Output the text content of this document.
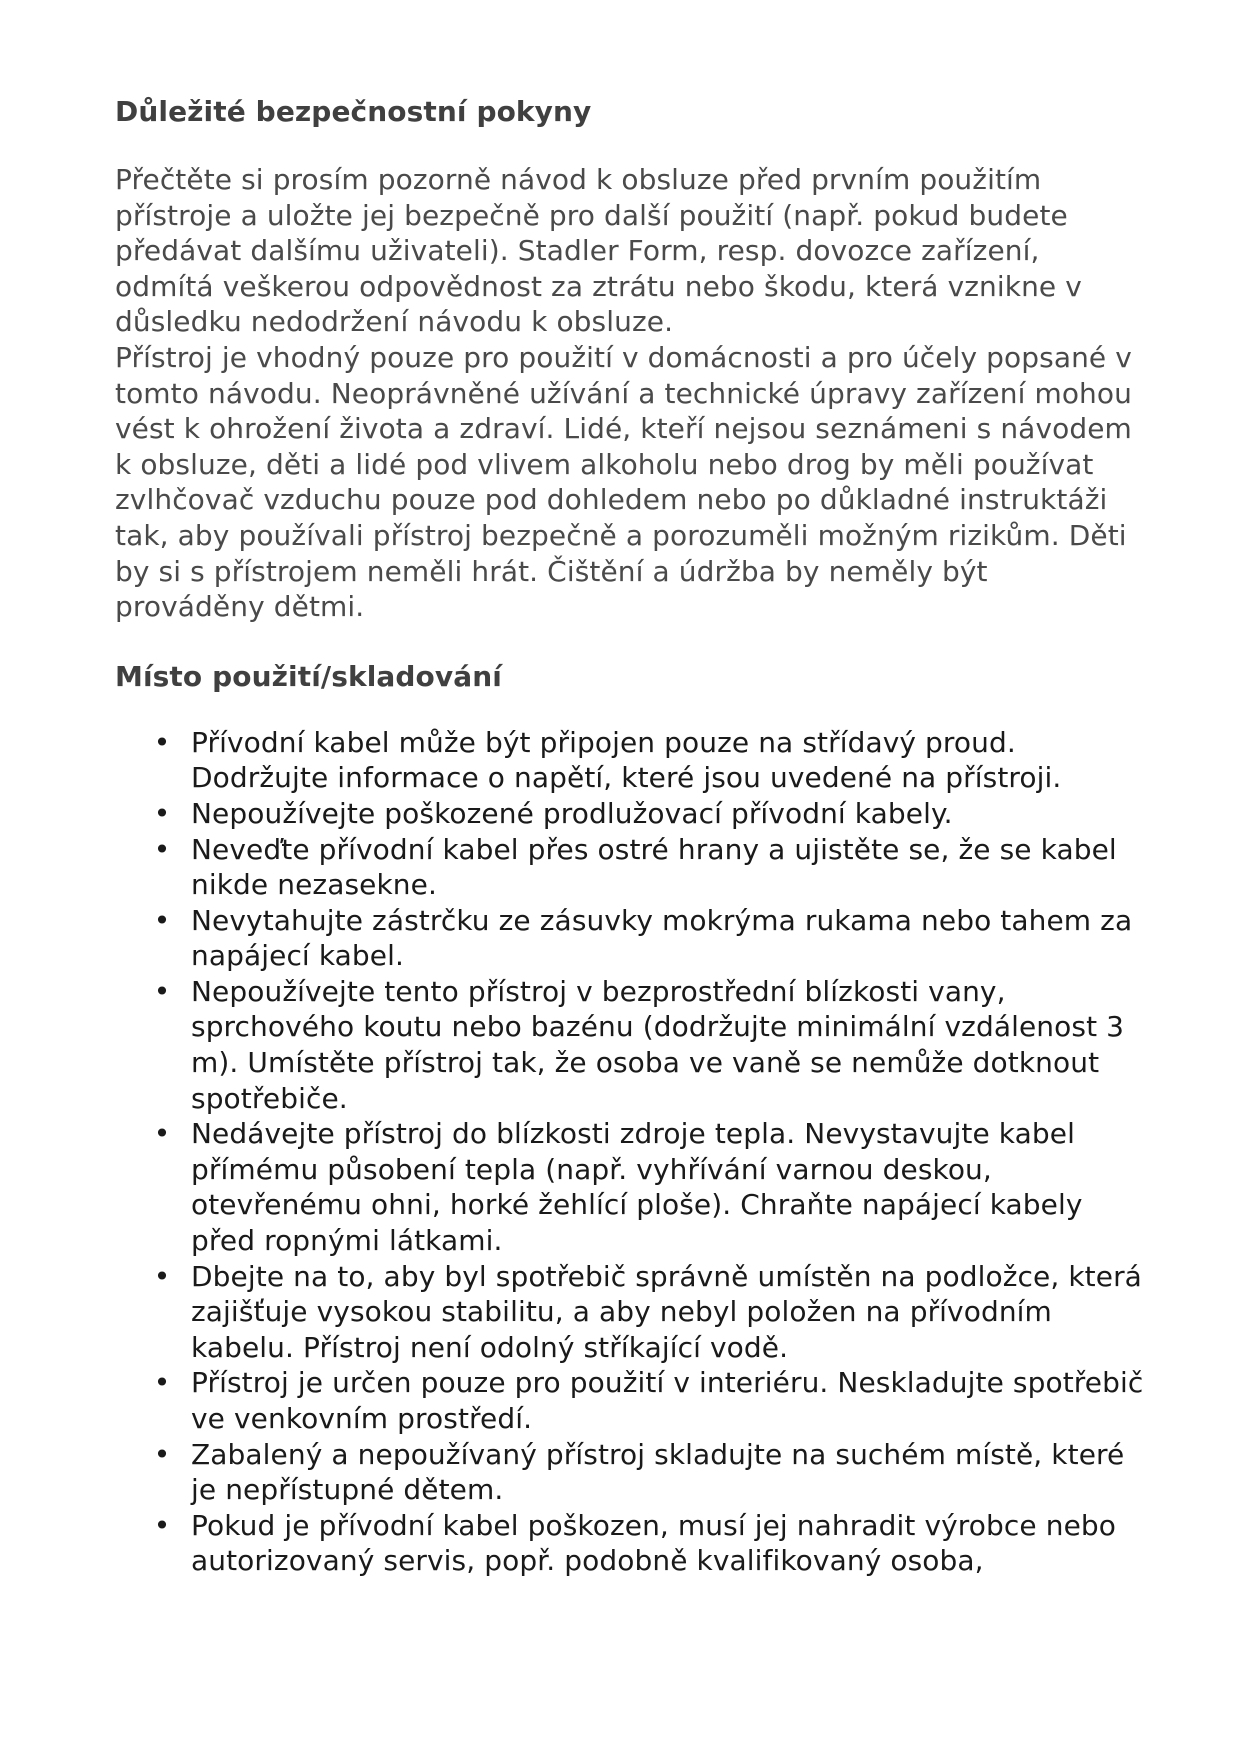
Důležité bezpečnostní pokyny

Přečtěte si prosím pozorně návod k obsluze před prvním použitím přístroje a uložte jej bezpečně pro další použití (např. pokud budete předávat dalšímu uživateli). Stadler Form, resp. dovozce zařízení, odmítá veškerou odpovědnost za ztrátu nebo škodu, která vznikne v důsledku nedodržení návodu k obsluze.

Přístroj je vhodný pouze pro použití v domácnosti a pro účely popsané v tomto návodu. Neoprávněné užívání a technické úpravy zařízení mohou vést k ohrožení života a zdraví. Lidé, kteří nejsou seznámeni s návodem k obsluze, děti a lidé pod vlivem alkoholu nebo drog by měli používat zvlhčovač vzduchu pouze pod dohledem nebo po důkladné instruktáži tak, aby používali přístroj bezpečně a porozuměli možným rizikům. Děti by si s přístrojem neměli hrát. Čištění a údržba by neměly být prováděny dětmi.

Místo použití/skladování
• Přívodní kabel může být připojen pouze na střídavý proud. Dodržujte informace o napětí, které jsou uvedené na přístroji.
• Nepoužívejte poškozené prodlužovací přívodní kabely.
• Neveďte přívodní kabel přes ostré hrany a ujistěte se, že se kabel nikde nezasekne.
• Nevytahujte zástrčku ze zásuvky mokrýma rukama nebo tahem za napájecí kabel.
• Nepoužívejte tento přístroj v bezprostřední blízkosti vany, sprchového koutu nebo bazénu (dodržujte minimální vzdálenost 3 m). Umístěte přístroj tak, že osoba ve vaně se nemůže dotknout spotřebiče.
• Nedávejte přístroj do blízkosti zdroje tepla. Nevystavujte kabel přímému působení tepla (např. vyhřívání varnou deskou, otevřenému ohni, horké žehlící ploše). Chraňte napájecí kabely před ropnými látkami.
• Dbejte na to, aby byl spotřebič správně umístěn na podložce, která zajišťuje vysokou stabilitu, a aby nebyl položen na přívodním kabelu. Přístroj není odolný stříkající vodě.
• Přístroj je určen pouze pro použití v interiéru. Neskladujte spotřebič ve venkovním prostředí.
• Zabalený a nepoužívaný přístroj skladujte na suchém místě, které je nepřístupné dětem.
• Pokud je přívodní kabel poškozen, musí jej nahradit výrobce nebo autorizovaný servis, popř. podobně kvalifikovaný osoba,
